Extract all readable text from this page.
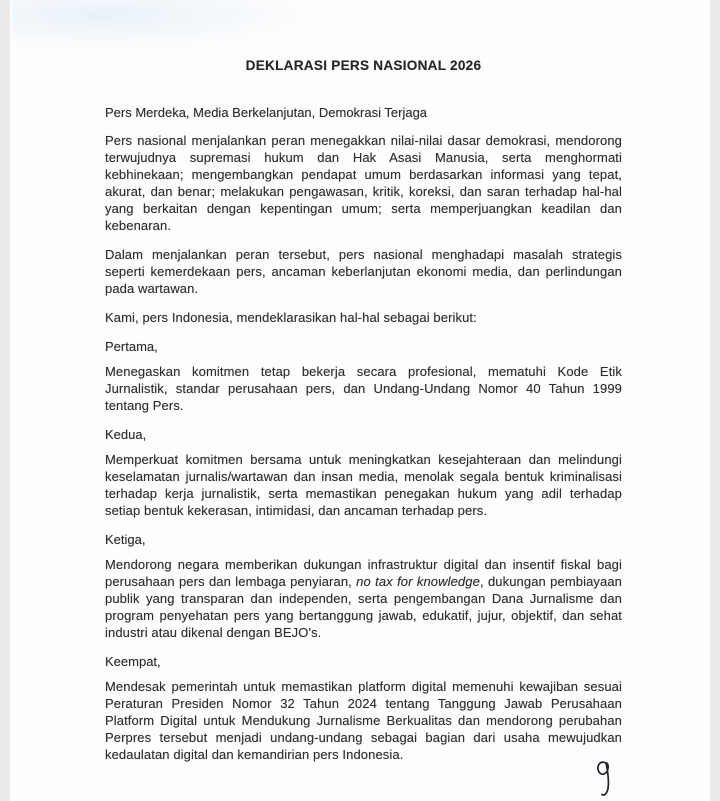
DEKLARASI PERS NASIONAL 2026

Pers Merdeka, Media Berkelanjutan, Demokrasi Terjaga

Pers nasional menjalankan peran menegakkan nilai-nilai dasar demokrasi, mendorong terwujudnya supremasi hukum dan Hak Asasi Manusia, serta menghormati kebhinekaan; mengembangkan pendapat umum berdasarkan informasi yang tepat, akurat, dan benar; melakukan pengawasan, kritik, koreksi, dan saran terhadap hal-hal yang berkaitan dengan kepentingan umum; serta memperjuangkan keadilan dan kebenaran.

Dalam menjalankan peran tersebut, pers nasional menghadapi masalah strategis seperti kemerdekaan pers, ancaman keberlanjutan ekonomi media, dan perlindungan pada wartawan.

Kami, pers Indonesia, mendeklarasikan hal-hal sebagai berikut:

Pertama,

Menegaskan komitmen tetap bekerja secara profesional, mematuhi Kode Etik Jurnalistik, standar perusahaan pers, dan Undang-Undang Nomor 40 Tahun 1999 tentang Pers.

Kedua,

Memperkuat komitmen bersama untuk meningkatkan kesejahteraan dan melindungi keselamatan jurnalis/wartawan dan insan media, menolak segala bentuk kriminalisasi terhadap kerja jurnalistik, serta memastikan penegakan hukum yang adil terhadap setiap bentuk kekerasan, intimidasi, dan ancaman terhadap pers.

Ketiga,

Mendorong negara memberikan dukungan infrastruktur digital dan insentif fiskal bagi perusahaan pers dan lembaga penyiaran, no tax for knowledge, dukungan pembiayaan publik yang transparan dan independen, serta pengembangan Dana Jurnalisme dan program penyehatan pers yang bertanggung jawab, edukatif, jujur, objektif, dan sehat industri atau dikenal dengan BEJO's.

Keempat,

Mendesak pemerintah untuk memastikan platform digital memenuhi kewajiban sesuai Peraturan Presiden Nomor 32 Tahun 2024 tentang Tanggung Jawab Perusahaan Platform Digital untuk Mendukung Jurnalisme Berkualitas dan mendorong perubahan Perpres tersebut menjadi undang-undang sebagai bagian dari usaha mewujudkan kedaulatan digital dan kemandirian pers Indonesia.
